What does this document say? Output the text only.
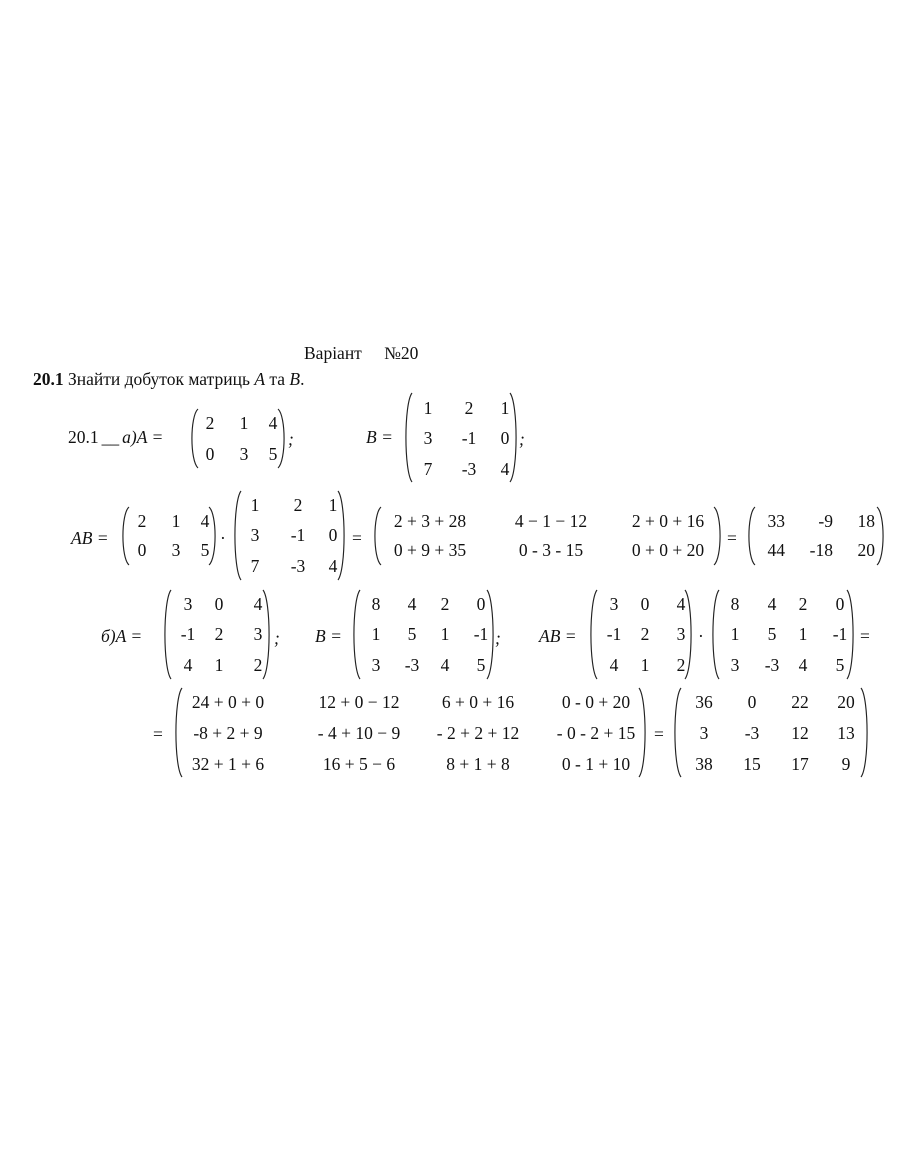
Варіант №20
20.1 Знайти добуток матриць A та B.
20.1 __ а)A =	;	B =	;
AB =	·	=	=
б)A =	; B =	; AB =	·	=
=	=
2	1	4
0	3	5
1	2	1
3	-1	0
7	-3	4
2	1	4
0	3	5
1	2	1
3	-1	0
7	-3	4
2 + 3 + 28	4 − 1 − 12	2 + 0 + 16
0 + 9 + 35	0 - 3 - 15	0 + 0 + 20
33	-9	18
44	-18	20
3	0	4
-1	2	3
4	1	2
8	4	2	0
1	5	1	-1
3	-3	4	5
3	0	4
-1	2	3
4	1	2
8	4	2	0
1	5	1	-1
3	-3	4	5
24 + 0 + 0	12 + 0 − 12	6 + 0 + 16	0 - 0 + 20
-8 + 2 + 9	- 4 + 10 − 9	- 2 + 2 + 12	- 0 - 2 + 15
32 + 1 + 6	16 + 5 − 6	8 + 1 + 8	0 - 1 + 10
36	0	22	20
3	-3	12	13
38	15	17	9
